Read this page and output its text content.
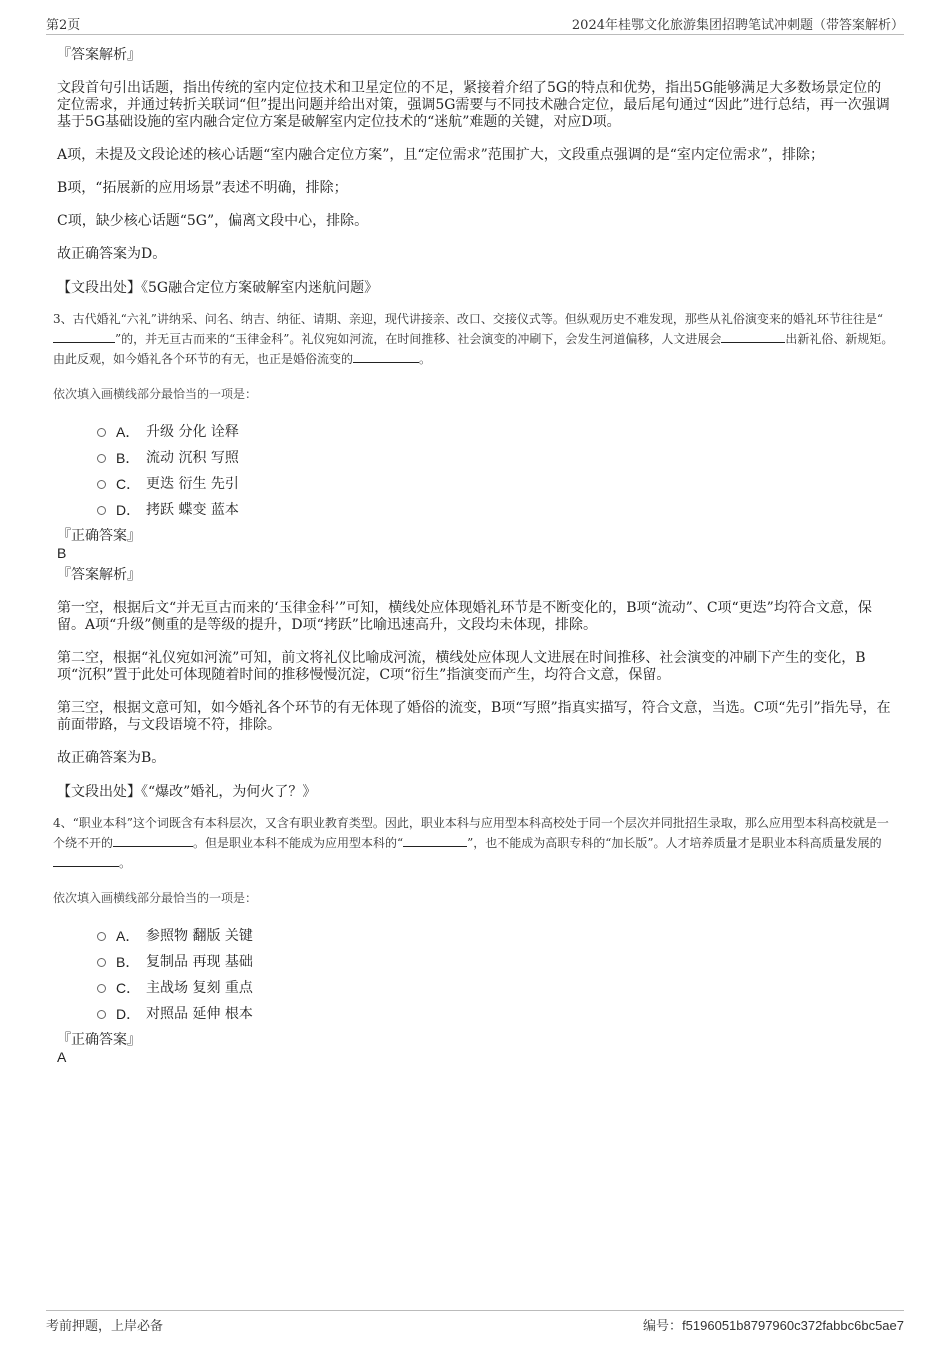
第2页	2024年桂鄂文化旅游集团招聘笔试冲刺题（带答案解析）

『答案解析』

文段首句引出话题，指出传统的室内定位技术和卫星定位的不足，紧接着介绍了5G的特点和优势，指出5G能够满足大多数场景定位的定位需求，并通过转折关联词“但”提出问题并给出对策，强调5G需要与不同技术融合定位，最后尾句通过“因此”进行总结，再一次强调基于5G基础设施的室内融合定位方案是破解室内定位技术的“迷航”难题的关键，对应D项。

A项，未提及文段论述的核心话题“室内融合定位方案”，且“定位需求”范围扩大，文段重点强调的是“室内定位需求”，排除；

B项，“拓展新的应用场景”表述不明确，排除；

C项，缺少核心话题“5G”，偏离文段中心，排除。

故正确答案为D。

【文段出处】《5G融合定位方案破解室内迷航问题》

3、古代婚礼“六礼”讲纳采、问名、纳吉、纳征、请期、亲迎，现代讲接亲、改口、交接仪式等。但纵观历史不难发现，那些从礼俗演变来的婚礼环节往往是“”的，并无亘古而来的“玉律金科”。礼仪宛如河流，在时间推移、社会演变的冲刷下，会发生河道偏移，人文进展会	出新礼俗、新规矩。由此反观，如今婚礼各个环节的有无，也正是婚俗流变的	。

依次填入画横线部分最恰当的一项是：

A． 升级 分化 诠释
B． 流动 沉积 写照
C． 更迭 衍生 先引
D． 拷跃 蝶变 蓝本

『正确答案』

B

『答案解析』

第一空，根据后文“并无亘古而来的‘玉律金科’”可知，横线处应体现婚礼环节是不断变化的，B项“流动”、C项“更迭”均符合文意，保留。A项“升级”侧重的是等级的提升，D项“拷跃”比喻迅速高升，文段均未体现，排除。

第二空，根据“礼仪宛如河流”可知，前文将礼仪比喻成河流，横线处应体现人文进展在时间推移、社会演变的冲刷下产生的变化，B项“沉积”置于此处可体现随着时间的推移慢慢沉淀，C项“衍生”指演变而产生，均符合文意，保留。

第三空，根据文意可知，如今婚礼各个环节的有无体现了婚俗的流变，B项“写照”指真实描写，符合文意，当选。C项“先引”指先导，在前面带路，与文段语境不符，排除。

故正确答案为B。

【文段出处】《“爆改”婚礼，为何火了？》

4、“职业本科”这个词既含有本科层次，又含有职业教育类型。因此，职业本科与应用型本科高校处于同一个层次并同批招生录取，那么应用型本科高校就是一个绕不开的	。但是职业本科不能成为应用型本科的“	”，也不能成为高职专科的“加长版”。人才培养质量才是职业本科高质量发展的。

依次填入画横线部分最恰当的一项是：

A． 参照物 翻版 关键
B． 复制品 再现 基础
C． 主战场 复刻 重点
D． 对照品 延伸 根本

『正确答案』

A

考前押题，上岸必备	编号：f5196051b8797960c372fabbc6bc5ae7
